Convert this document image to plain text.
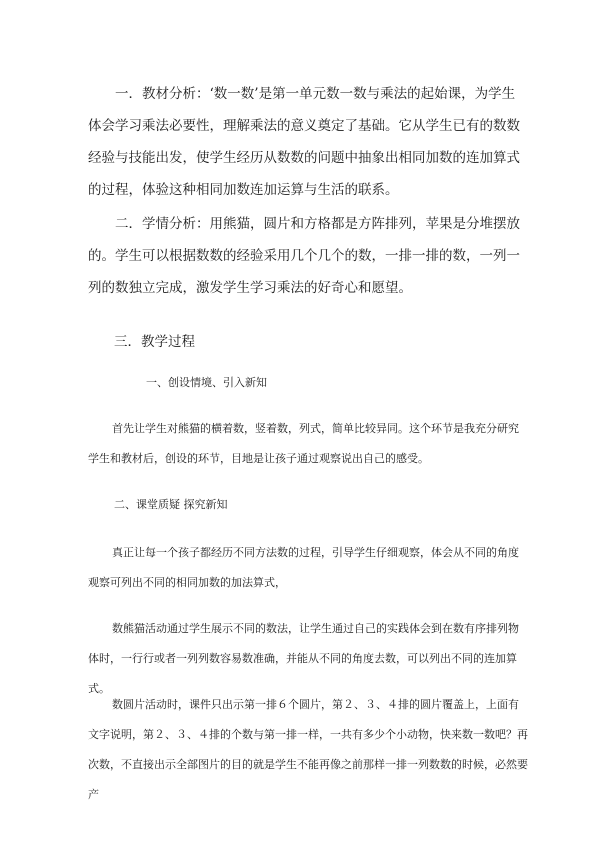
一．教材分析：‘数一数’是第一单元数一数与乘法的起始课，为学生体会学习乘法必要性，理解乘法的意义奠定了基础。它从学生已有的数数经验与技能出发，使学生经历从数数的问题中抽象出相同加数的连加算式的过程，体验这种相同加数连加运算与生活的联系。

二．学情分析：用熊猫，圆片和方格都是方阵排列，苹果是分堆摆放的。学生可以根据数数的经验采用几个几个的数，一排一排的数，一列一列的数独立完成，激发学生学习乘法的好奇心和愿望。

三．教学过程

一、创设情境、引入新知

首先让学生对熊猫的横着数，竖着数，列式，简单比较异同。这个环节是我充分研究学生和教材后，创设的环节，目地是让孩子通过观察说出自己的感受。

二、课堂质疑 探究新知

真正让每一个孩子都经历不同方法数的过程，引导学生仔细观察，体会从不同的角度观察可列出不同的相同加数的加法算式，

数熊猫活动通过学生展示不同的数法，让学生通过自己的实践体会到在数有序排列物体时，一行行或者一列列数容易数准确，并能从不同的角度去数，可以列出不同的连加算式。

数圆片活动时，课件只出示第一排６个圆片，第２、３、４排的圆片覆盖上，上面有文字说明，第２、３、４排的个数与第一排一样，一共有多少个小动物，快来数一数吧？再次数，不直接出示全部图片的目的就是学生不能再像之前那样一排一列数数的时候，必然要产
